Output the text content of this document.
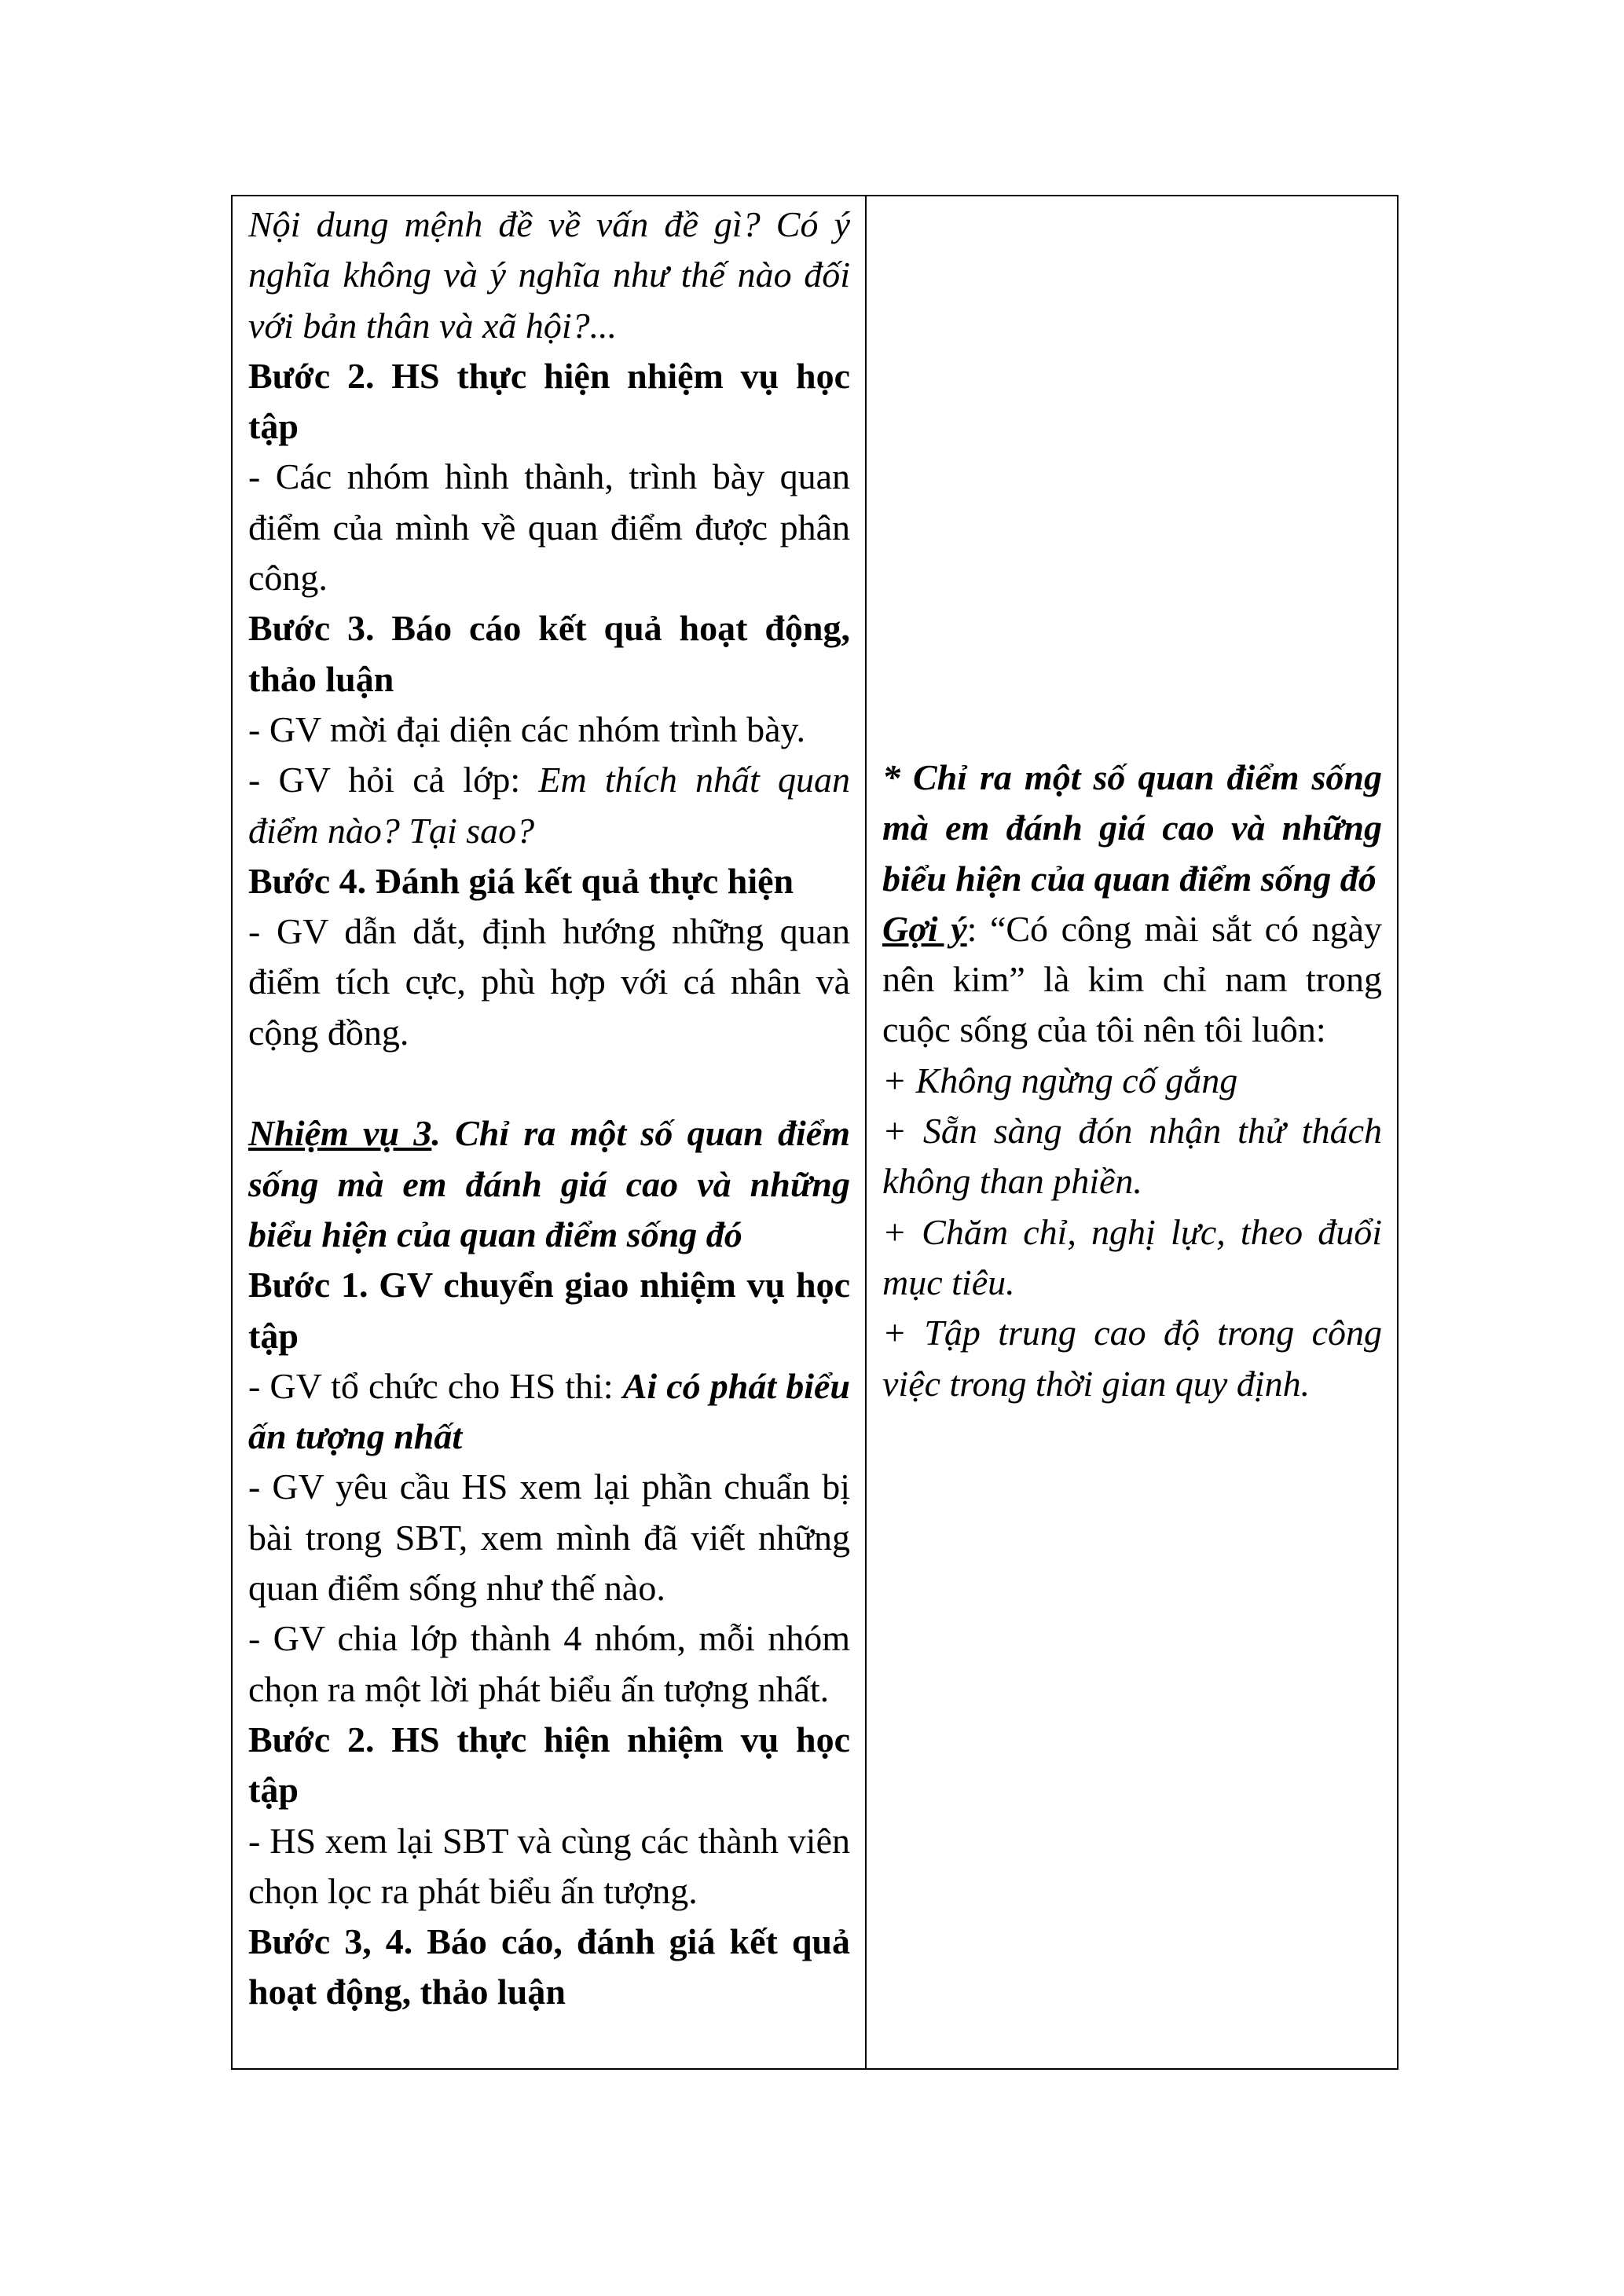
Nội dung mệnh đề về vấn đề gì? Có ý nghĩa không và ý nghĩa như thế nào đối với bản thân và xã hội?...

Bước 2. HS thực hiện nhiệm vụ học tập

- Các nhóm hình thành, trình bày quan điểm của mình về quan điểm được phân công.

Bước 3. Báo cáo kết quả hoạt động, thảo luận

- GV mời đại diện các nhóm trình bày.

- GV hỏi cả lớp: Em thích nhất quan điểm nào? Tại sao?

Bước 4. Đánh giá kết quả thực hiện

- GV dẫn dắt, định hướng những quan điểm tích cực, phù hợp với cá nhân và cộng đồng.

Nhiệm vụ 3. Chỉ ra một số quan điểm sống mà em đánh giá cao và những biểu hiện của quan điểm sống đó

Bước 1. GV chuyển giao nhiệm vụ học tập

- GV tổ chức cho HS thi: Ai có phát biểu ấn tượng nhất

- GV yêu cầu HS xem lại phần chuẩn bị bài trong SBT, xem mình đã viết những quan điểm sống như thế nào.

- GV chia lớp thành 4 nhóm, mỗi nhóm chọn ra một lời phát biểu ấn tượng nhất.

Bước 2. HS thực hiện nhiệm vụ học tập

- HS xem lại SBT và cùng các thành viên chọn lọc ra phát biểu ấn tượng.

Bước 3, 4. Báo cáo, đánh giá kết quả hoạt động, thảo luận

* Chỉ ra một số quan điểm sống mà em đánh giá cao và những biểu hiện của quan điểm sống đó

Gợi ý: “Có công mài sắt có ngày nên kim” là kim chỉ nam trong cuộc sống của tôi nên tôi luôn:

+ Không ngừng cố gắng

+ Sẵn sàng đón nhận thử thách không than phiền.

+ Chăm chỉ, nghị lực, theo đuổi mục tiêu.

+ Tập trung cao độ trong công việc trong thời gian quy định.
